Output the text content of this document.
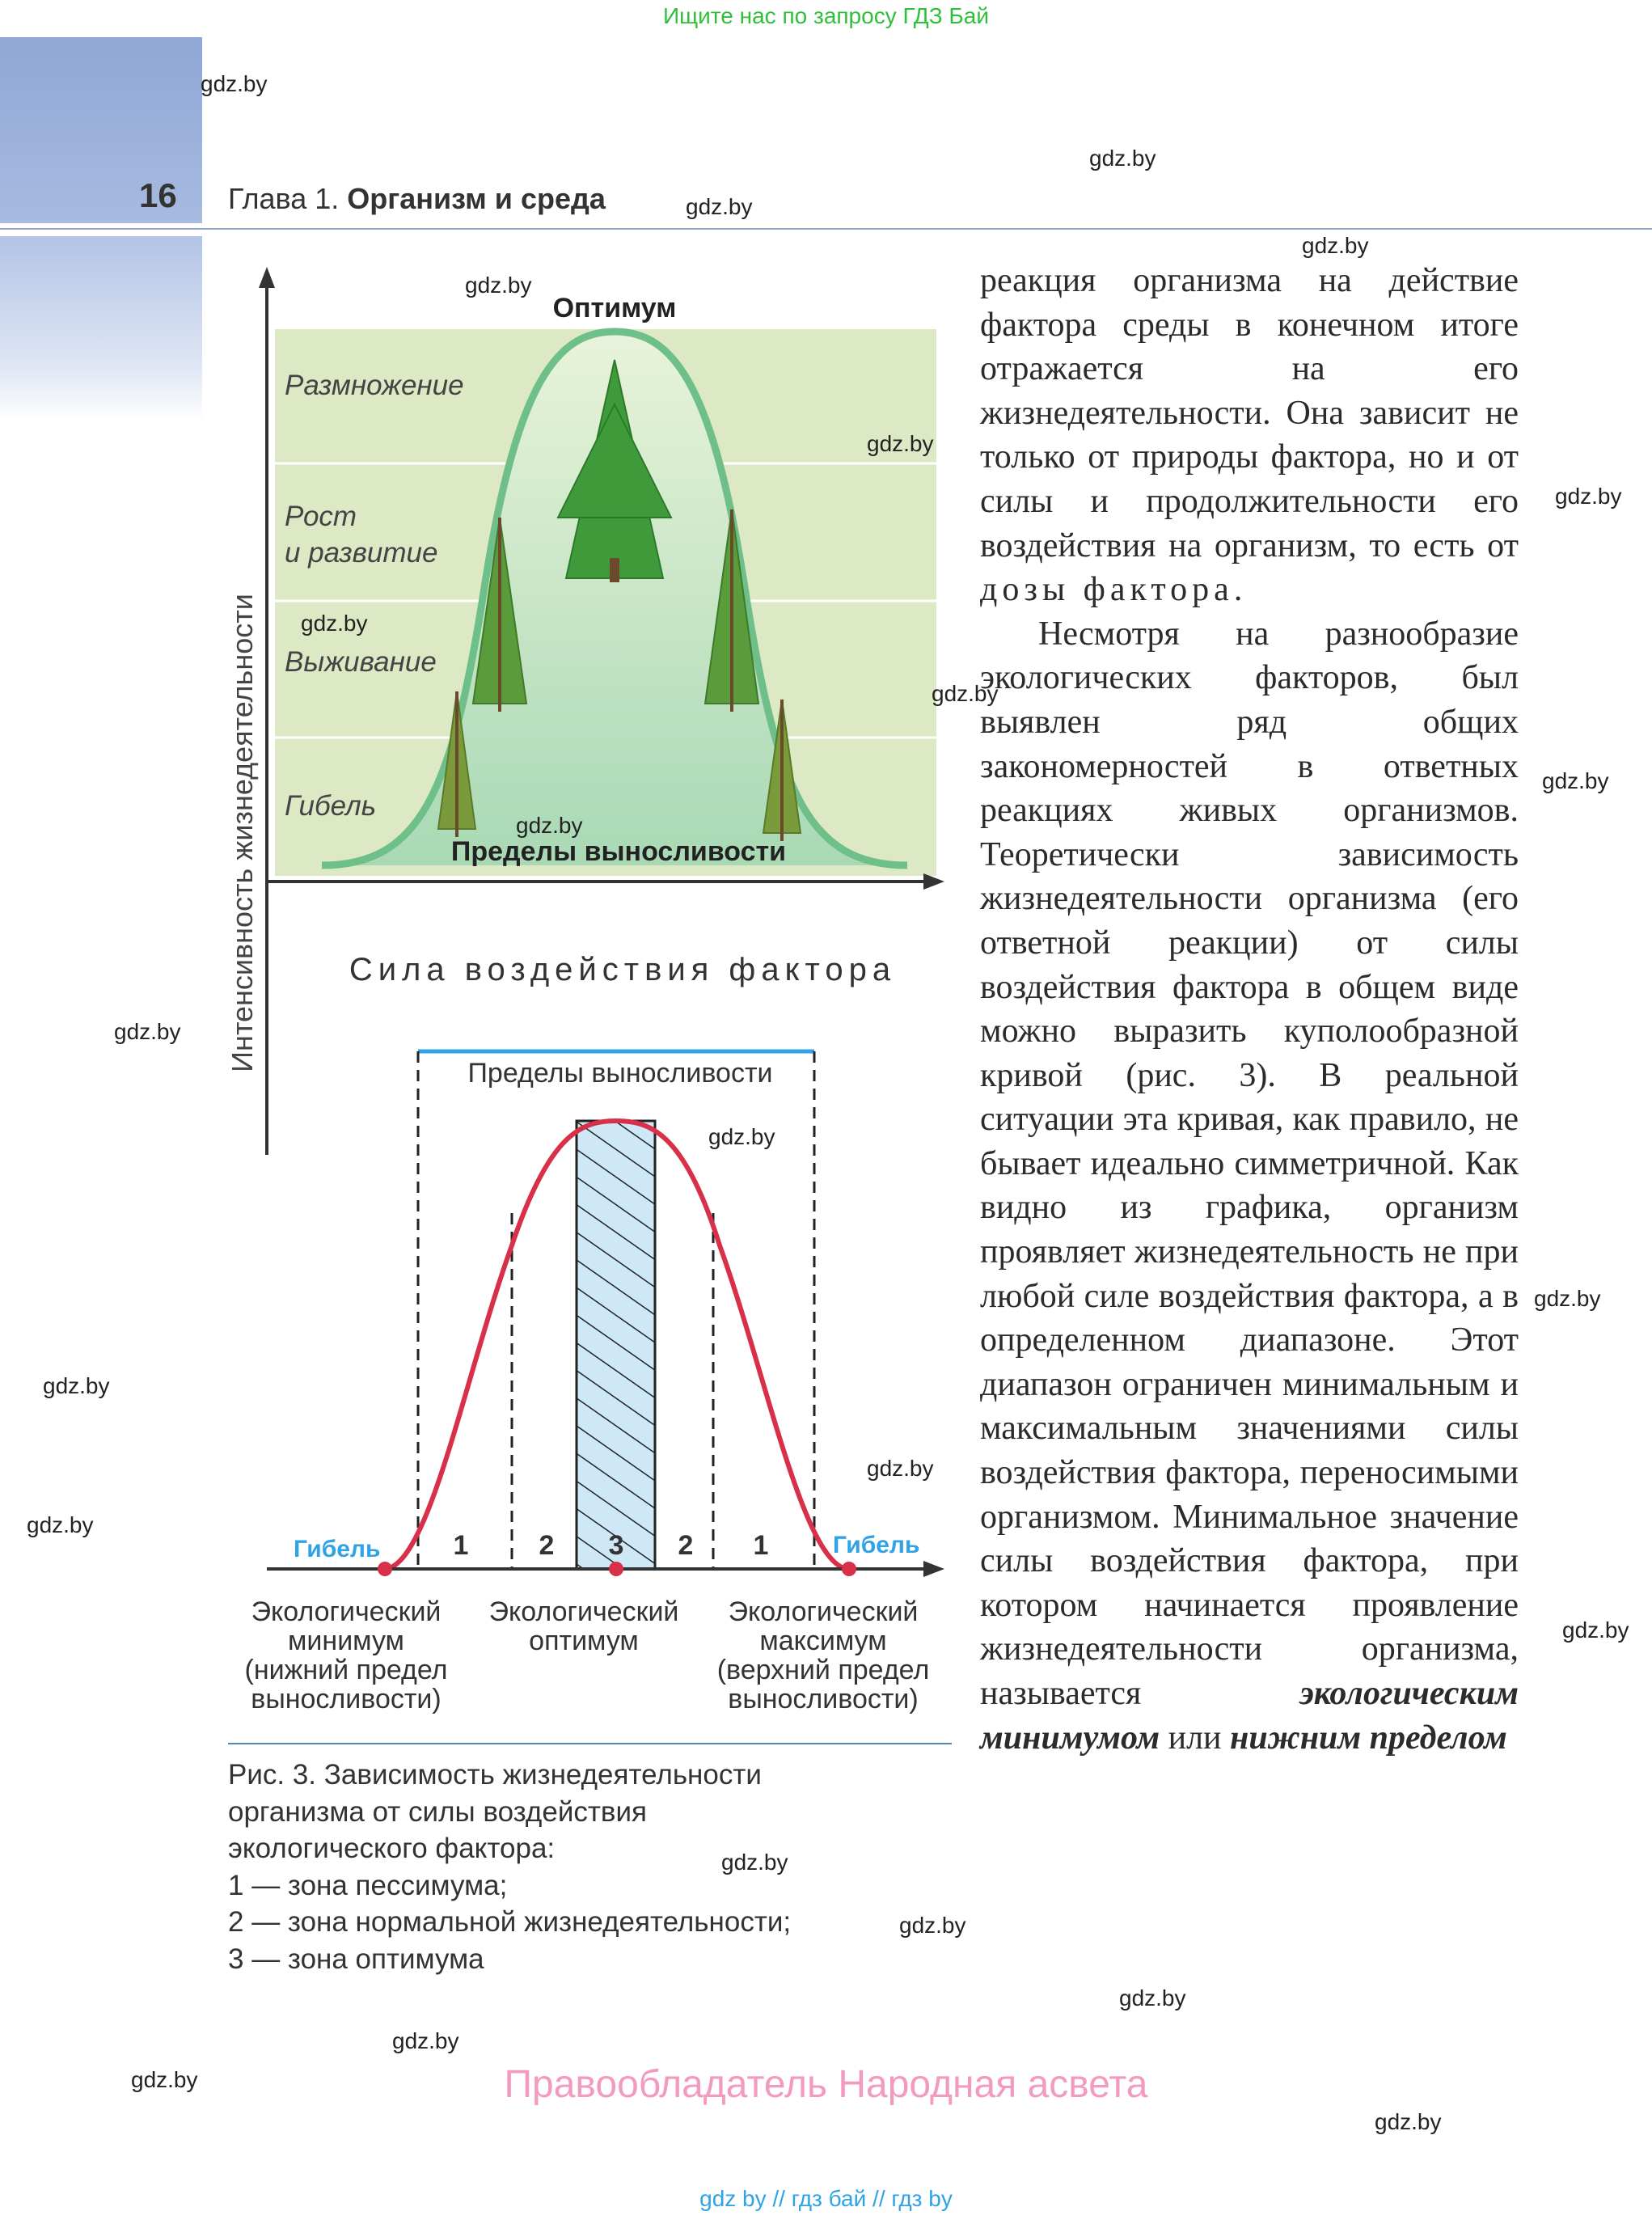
Ищите нас по запросу ГДЗ Бай
16 Глава 1. Организм и среда
Оптимум
Размножение
Рост
и развитие
Выживание
Гибель
Пределы выносливости
Интенсивность жизнедеятельности	Сила воздействия фактора
Пределы выносливости
Гибель	Гибель
1	2 3 2 1
Экологический
минимум
(нижний предел
выносливости)
Экологический
оптимум
Экологический
максимум
(верхний предел
выносливости)
Рис. 3. Зависимость жизнедеятельности
организма от силы воздействия
экологического фактора:
1 — зона пессимума;
2 — зона нормальной жизнедеятельности;
3 — зона оптимума

реакция организма на действие фактора среды в конечном итоге отражается на его жизнедеятельности. Она зависит не только от природы фактора, но и от силы и продолжительности его воздействия на организм, то есть от дозы фактора.

Несмотря на разнообразие экологических факторов, был выявлен ряд общих закономерностей в ответных реакциях живых организмов. Теоретически зависимость жизнедеятельности организма (его ответной реакции) от силы воздействия фактора в общем виде можно выразить куполообразной кривой (рис. 3). В реальной ситуации эта кривая, как правило, не бывает идеально симметричной. Как видно из графика, организм проявляет жизнедеятельность не при любой силе воздействия фактора, а в определенном диапазоне. Этот диапазон ограничен минимальным и максимальным значениями силы воздействия фактора, переносимыми организмом. Минимальное значение силы воздействия фактора, при котором начинается проявление жизнедеятельности организма, называется экологическим минимумом или нижним пределом

gdz.by
gdz.by
gdz.by
gdz.by
gdz.by
gdz.by
gdz.by
gdz.by
gdz.by
gdz.by
gdz.by
gdz.by
gdz.by
gdz.by
gdz.by
gdz.by
gdz.by
gdz.by
gdz.by
gdz.by
gdz.by
gdz.by
gdz.by
gdz.by
Правообладатель Народная асвета
gdz by // гдз бай // гдз by
